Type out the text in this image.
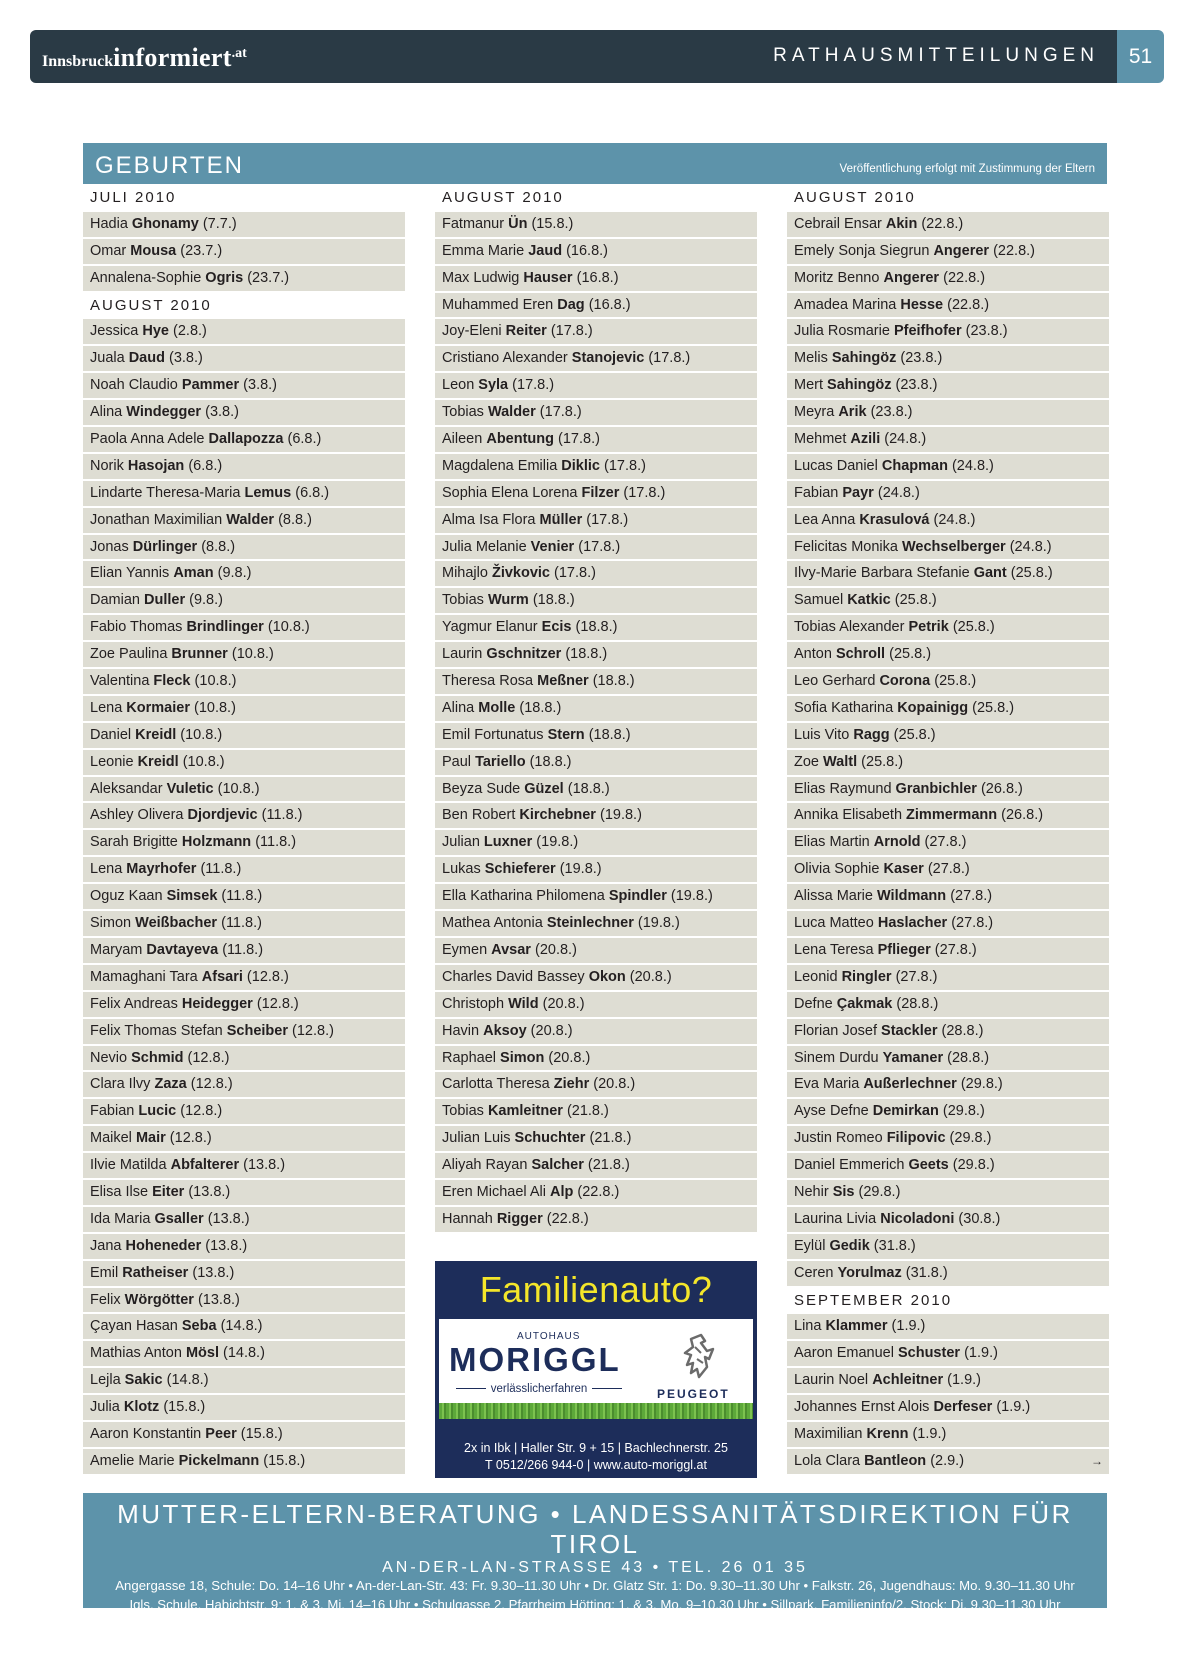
Innsbruckinformiert.at	RATHAUSMITTEILUNGEN	51
GEBURTEN	Veröffentlichung erfolgt mit Zustimmung der Eltern
JULI 2010
Hadia Ghonamy (7.7.)
Omar Mousa (23.7.)
Annalena-Sophie Ogris (23.7.)
AUGUST 2010
Jessica Hye (2.8.)
Juala Daud (3.8.)
Noah Claudio Pammer (3.8.)
Alina Windegger (3.8.)
Paola Anna Adele Dallapozza (6.8.)
Norik Hasojan (6.8.)
Lindarte Theresa-Maria Lemus (6.8.)
Jonathan Maximilian Walder (8.8.)
Jonas Dürlinger (8.8.)
Elian Yannis Aman (9.8.)
Damian Duller (9.8.)
Fabio Thomas Brindlinger (10.8.)
Zoe Paulina Brunner (10.8.)
Valentina Fleck (10.8.)
Lena Kormaier (10.8.)
Daniel Kreidl (10.8.)
Leonie Kreidl (10.8.)
Aleksandar Vuletic (10.8.)
Ashley Olivera Djordjevic (11.8.)
Sarah Brigitte Holzmann (11.8.)
Lena Mayrhofer (11.8.)
Oguz Kaan Simsek (11.8.)
Simon Weißbacher (11.8.)
Maryam Davtayeva (11.8.)
Mamaghani Tara Afsari (12.8.)
Felix Andreas Heidegger (12.8.)
Felix Thomas Stefan Scheiber (12.8.)
Nevio Schmid (12.8.)
Clara Ilvy Zaza (12.8.)
Fabian Lucic (12.8.)
Maikel Mair (12.8.)
Ilvie Matilda Abfalterer (13.8.)
Elisa Ilse Eiter (13.8.)
Ida Maria Gsaller (13.8.)
Jana Hoheneder (13.8.)
Emil Ratheiser (13.8.)
Felix Wörgötter (13.8.)
Çayan Hasan Seba (14.8.)
Mathias Anton Mösl (14.8.)
Lejla Sakic (14.8.)
Julia Klotz (15.8.)
Aaron Konstantin Peer (15.8.)
Amelie Marie Pickelmann (15.8.)
AUGUST 2010
Fatmanur Ün (15.8.)
Emma Marie Jaud (16.8.)
Max Ludwig Hauser (16.8.)
Muhammed Eren Dag (16.8.)
Joy-Eleni Reiter (17.8.)
Cristiano Alexander Stanojevic (17.8.)
Leon Syla (17.8.)
Tobias Walder (17.8.)
Aileen Abentung (17.8.)
Magdalena Emilia Diklic (17.8.)
Sophia Elena Lorena Filzer (17.8.)
Alma Isa Flora Müller (17.8.)
Julia Melanie Venier (17.8.)
Mihajlo Živkovic (17.8.)
Tobias Wurm (18.8.)
Yagmur Elanur Ecis (18.8.)
Laurin Gschnitzer (18.8.)
Theresa Rosa Meßner (18.8.)
Alina Molle (18.8.)
Emil Fortunatus Stern (18.8.)
Paul Tariello (18.8.)
Beyza Sude Güzel (18.8.)
Ben Robert Kirchebner (19.8.)
Julian Luxner (19.8.)
Lukas Schieferer (19.8.)
Ella Katharina Philomena Spindler (19.8.)
Mathea Antonia Steinlechner (19.8.)
Eymen Avsar (20.8.)
Charles David Bassey Okon (20.8.)
Christoph Wild (20.8.)
Havin Aksoy (20.8.)
Raphael Simon (20.8.)
Carlotta Theresa Ziehr (20.8.)
Tobias Kamleitner (21.8.)
Julian Luis Schuchter (21.8.)
Aliyah Rayan Salcher (21.8.)
Eren Michael Ali Alp (22.8.)
Hannah Rigger (22.8.)
AUGUST 2010
Cebrail Ensar Akin (22.8.)
Emely Sonja Siegrun Angerer (22.8.)
Moritz Benno Angerer (22.8.)
Amadea Marina Hesse (22.8.)
Julia Rosmarie Pfeifhofer (23.8.)
Melis Sahingöz (23.8.)
Mert Sahingöz (23.8.)
Meyra Arik (23.8.)
Mehmet Azili (24.8.)
Lucas Daniel Chapman (24.8.)
Fabian Payr (24.8.)
Lea Anna Krasulová (24.8.)
Felicitas Monika Wechselberger (24.8.)
Ilvy-Marie Barbara Stefanie Gant (25.8.)
Samuel Katkic (25.8.)
Tobias Alexander Petrik (25.8.)
Anton Schroll (25.8.)
Leo Gerhard Corona (25.8.)
Sofia Katharina Kopainigg (25.8.)
Luis Vito Ragg (25.8.)
Zoe Waltl (25.8.)
Elias Raymund Granbichler (26.8.)
Annika Elisabeth Zimmermann (26.8.)
Elias Martin Arnold (27.8.)
Olivia Sophie Kaser (27.8.)
Alissa Marie Wildmann (27.8.)
Luca Matteo Haslacher (27.8.)
Lena Teresa Pflieger (27.8.)
Leonid Ringler (27.8.)
Defne Çakmak (28.8.)
Florian Josef Stackler (28.8.)
Sinem Durdu Yamaner (28.8.)
Eva Maria Außerlechner (29.8.)
Ayse Defne Demirkan (29.8.)
Justin Romeo Filipovic (29.8.)
Daniel Emmerich Geets (29.8.)
Nehir Sis (29.8.)
Laurina Livia Nicoladoni (30.8.)
Eylül Gedik (31.8.)
Ceren Yorulmaz (31.8.)
SEPTEMBER 2010
Lina Klammer (1.9.)
Aaron Emanuel Schuster (1.9.)
Laurin Noel Achleitner (1.9.)
Johannes Ernst Alois Derfeser (1.9.)
Maximilian Krenn (1.9.)
Lola Clara Bantleon (2.9.)	→
Familienauto?
AUTOHAUS
MORIGGL
verlässlicherfahren	PEUGEOT
2x in Ibk | Haller Str. 9 + 15 | Bachlechnerstr. 25
T 0512/266 944-0 | www.auto-moriggl.at
MUTTER-ELTERN-BERATUNG • LANDESSANITÄTSDIREKTION FÜR TIROL
AN-DER-LAN-STRASSE 43 • TEL. 26 01 35
Angergasse 18, Schule: Do. 14–16 Uhr • An-der-Lan-Str. 43: Fr. 9.30–11.30 Uhr • Dr. Glatz Str. 1: Do. 9.30–11.30 Uhr • Falkstr. 26, Jugendhaus: Mo. 9.30–11.30 Uhr
Igls, Schule, Habichtstr. 9: 1. & 3. Mi. 14–16 Uhr • Schulgasse 2, Pfarrheim Hötting: 1. & 3. Mo. 9–10.30 Uhr • Sillpark, Familieninfo/2. Stock: Di. 9.30–11.30 Uhr
Kaiser-Josef-Str. 5: Mo. 9.30–11.30 Uhr • Technikerstr. 84, ISD-Wohnheim: Di. 9.30–11.30 Uhr • Wörndlestr. 2: Di. 14–16 Uhr
